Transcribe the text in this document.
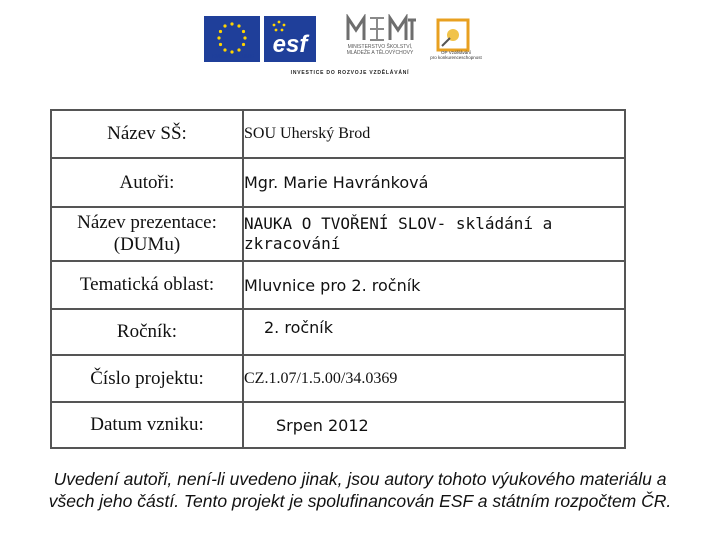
EVROPSKÁ UNIE esf	MINISTERSTVO ŠKOLSTVÍ,
MLÁDEŽE A TĚLOVÝCHOVY	OP Vzdělávání
pro konkurenceschopnost
INVESTICE DO ROZVOJE VZDĚLÁVÁNÍ
Název SŠ:	SOU Uherský Brod
Autoři:	Mgr. Marie Havránková

Název prezentace: (DUMu)	NAUKA O TVOŘENÍ SLOV- skládání a zkracování
Tematická oblast:	Mluvnice pro 2. ročník
Ročník:	2. ročník
Číslo projektu:	CZ.1.07/1.5.00/34.0369
Datum vzniku:	Srpen 2012
Uvedení autoři, není-li uvedeno jinak, jsou autory tohoto výukového materiálu a
všech jeho částí. Tento projekt je spolufinancován ESF a státním rozpočtem ČR.
